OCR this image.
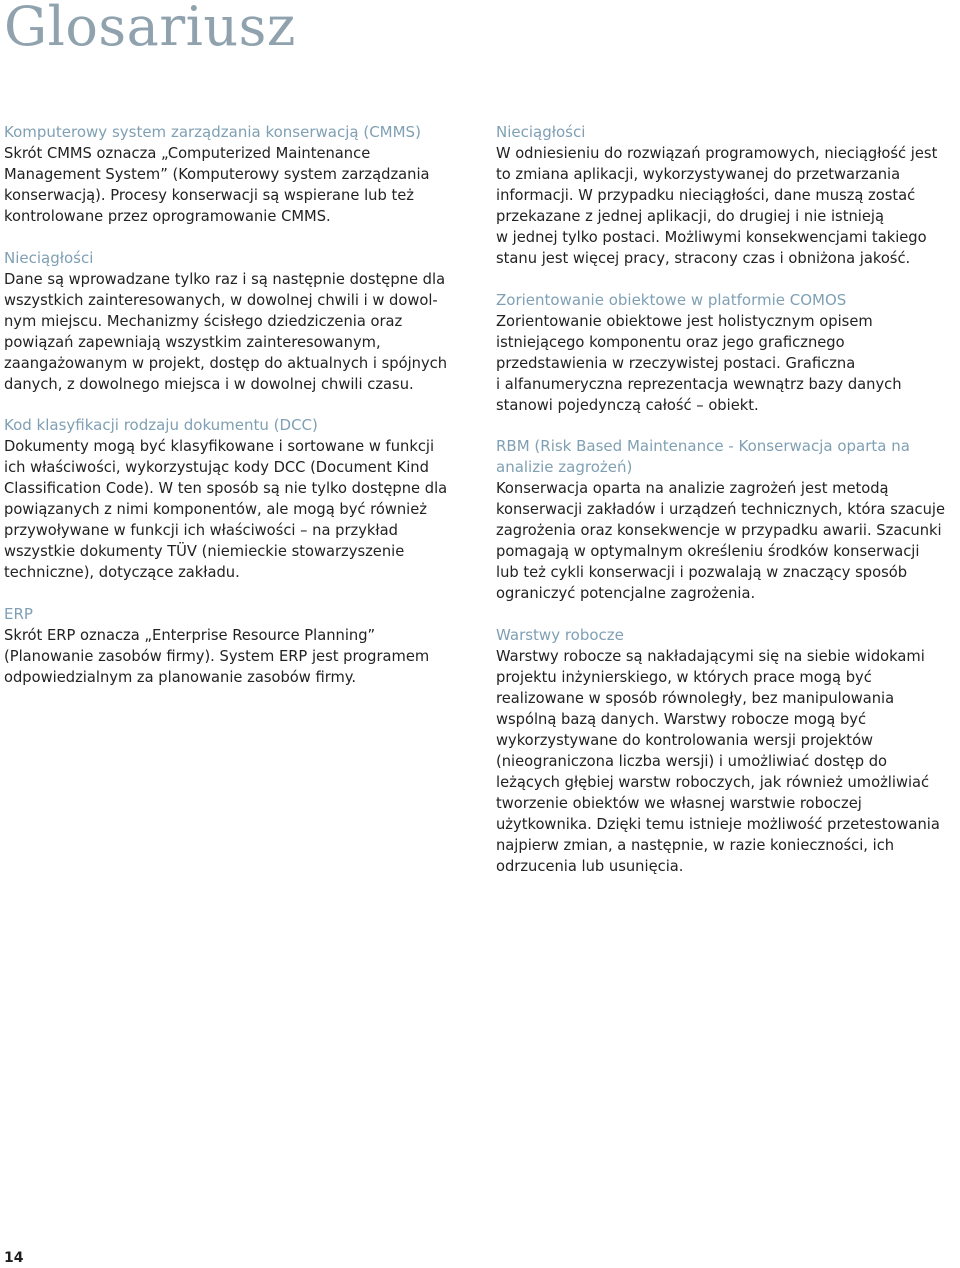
Glosariusz

Komputerowy system zarządzania konserwacją (CMMS)

Skrót CMMS oznacza „Computerized Maintenance
Management System” (Komputerowy system zarządzania
konserwacją). Procesy konserwacji są wspierane lub też
kontrolowane przez oprogramowanie CMMS.

Nieciągłości

Dane są wprowadzane tylko raz i są następnie dostępne dla
wszystkich zainteresowanych, w dowolnej chwili i w dowol-
nym miejscu. Mechanizmy ścisłego dziedziczenia oraz
powiązań zapewniają wszystkim zainteresowanym,
zaangażowanym w projekt, dostęp do aktualnych i spójnych
danych, z dowolnego miejsca i w dowolnej chwili czasu.

Kod klasyfikacji rodzaju dokumentu (DCC)

Dokumenty mogą być klasyfikowane i sortowane w funkcji
ich właściwości, wykorzystując kody DCC (Document Kind
Classification Code). W ten sposób są nie tylko dostępne dla
powiązanych z nimi komponentów, ale mogą być również
przywoływane w funkcji ich właściwości – na przykład
wszystkie dokumenty TÜV (niemieckie stowarzyszenie
techniczne), dotyczące zakładu.

ERP

Skrót ERP oznacza „Enterprise Resource Planning”
(Planowanie zasobów firmy). System ERP jest programem
odpowiedzialnym za planowanie zasobów firmy.

Nieciągłości

W odniesieniu do rozwiązań programowych, nieciągłość jest
to zmiana aplikacji, wykorzystywanej do przetwarzania
informacji. W przypadku nieciągłości, dane muszą zostać
przekazane z jednej aplikacji, do drugiej i nie istnieją
w jednej tylko postaci. Możliwymi konsekwencjami takiego
stanu jest więcej pracy, stracony czas i obniżona jakość.

Zorientowanie obiektowe w platformie COMOS

Zorientowanie obiektowe jest holistycznym opisem
istniejącego komponentu oraz jego graficznego
przedstawienia w rzeczywistej postaci. Graficzna
i alfanumeryczna reprezentacja wewnątrz bazy danych
stanowi pojedynczą całość – obiekt.

RBM (Risk Based Maintenance - Konserwacja oparta na
analizie zagrożeń)

Konserwacja oparta na analizie zagrożeń jest metodą
konserwacji zakładów i urządzeń technicznych, która szacuje
zagrożenia oraz konsekwencje w przypadku awarii. Szacunki
pomagają w optymalnym określeniu środków konserwacji
lub też cykli konserwacji i pozwalają w znaczący sposób
ograniczyć potencjalne zagrożenia.

Warstwy robocze

Warstwy robocze są nakładającymi się na siebie widokami
projektu inżynierskiego, w których prace mogą być
realizowane w sposób równoległy, bez manipulowania
wspólną bazą danych. Warstwy robocze mogą być
wykorzystywane do kontrolowania wersji projektów
(nieograniczona liczba wersji) i umożliwiać dostęp do
leżących głębiej warstw roboczych, jak również umożliwiać
tworzenie obiektów we własnej warstwie roboczej
użytkownika. Dzięki temu istnieje możliwość przetestowania
najpierw zmian, a następnie, w razie konieczności, ich
odrzucenia lub usunięcia.

14
